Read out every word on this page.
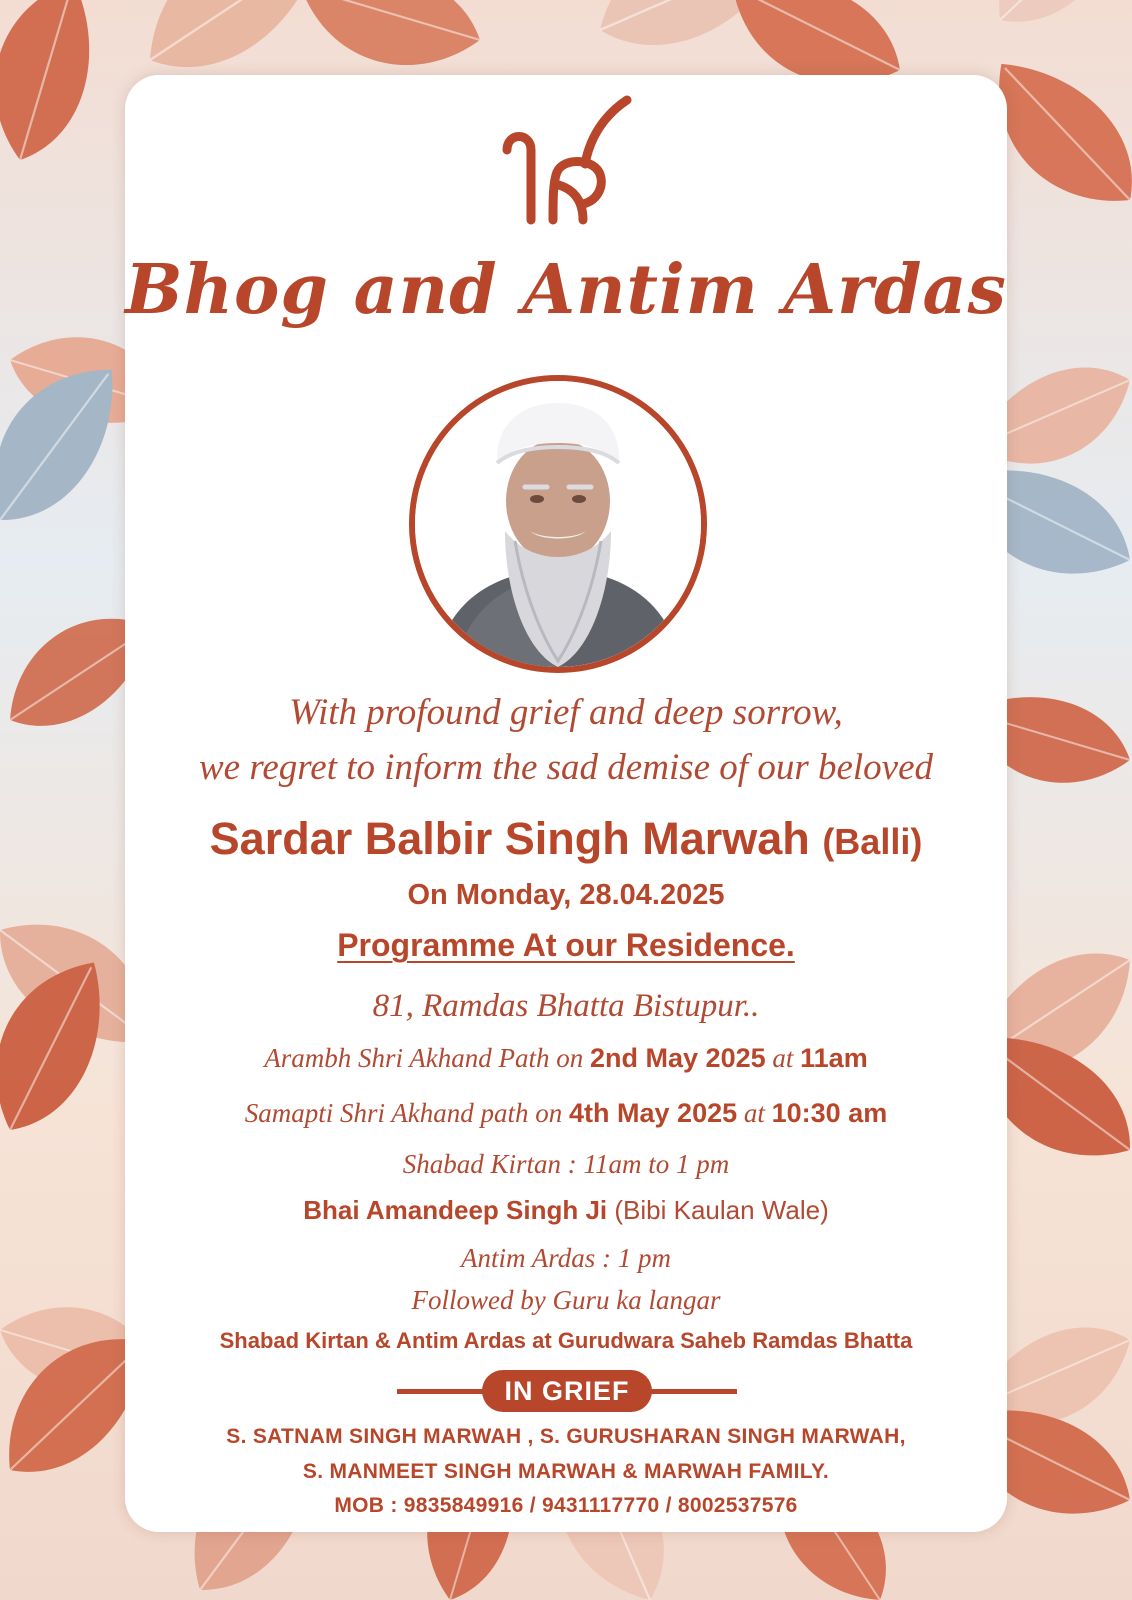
Bhog and Antim Ardas
With profound grief and deep sorrow,
we regret to inform the sad demise of our beloved
Sardar Balbir Singh Marwah (Balli)
On Monday, 28.04.2025
Programme At our Residence.
81, Ramdas Bhatta Bistupur..
Arambh Shri Akhand Path on 2nd May 2025 at 11am
Samapti Shri Akhand path on 4th May 2025 at 10:30 am
Shabad Kirtan : 11am to 1 pm
Bhai Amandeep Singh Ji (Bibi Kaulan Wale)
Antim Ardas : 1 pm
Followed by Guru ka langar
Shabad Kirtan & Antim Ardas at Gurudwara Saheb Ramdas Bhatta
IN GRIEF
S. SATNAM SINGH MARWAH , S. GURUSHARAN SINGH MARWAH,
S. MANMEET SINGH MARWAH & MARWAH FAMILY.
MOB : 9835849916 / 9431117770 / 8002537576
